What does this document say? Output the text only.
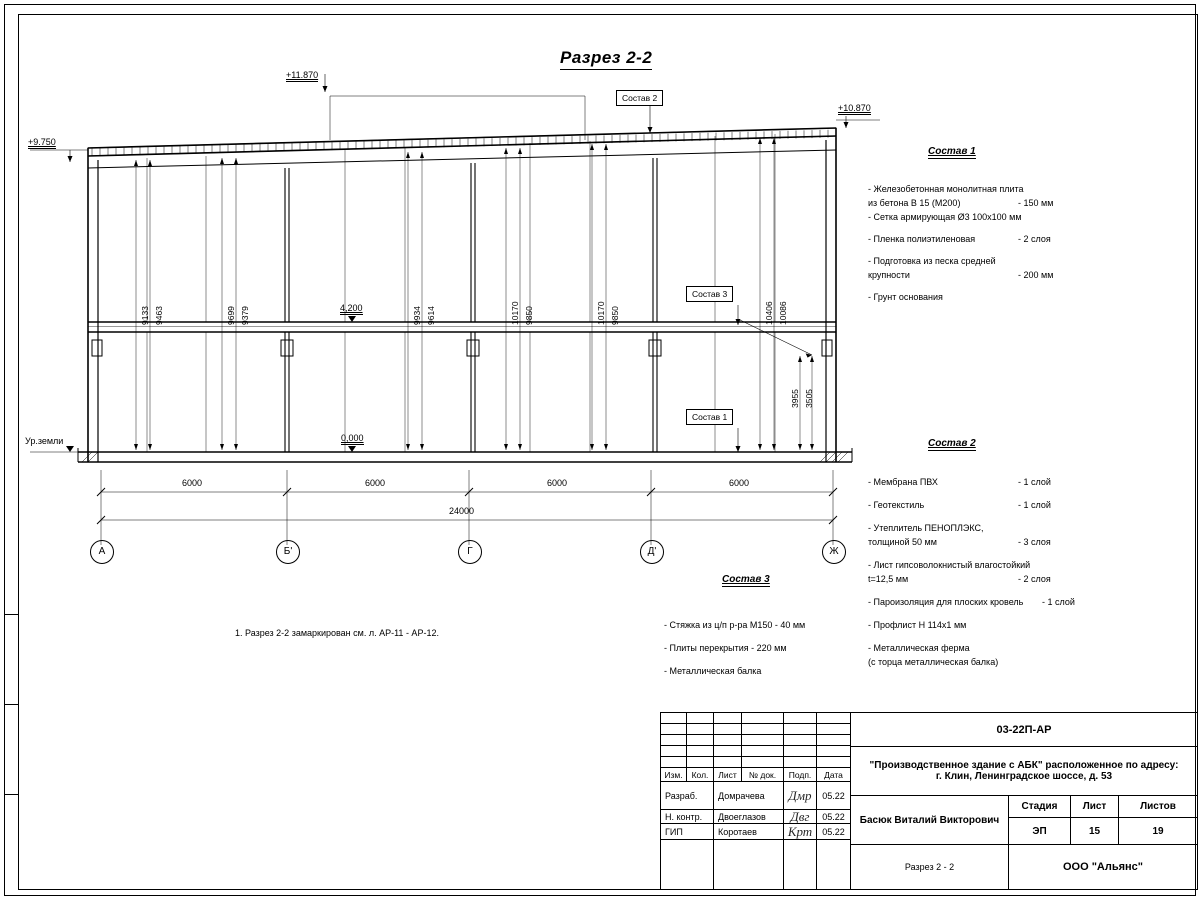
Разрез 2-2
+11.870
+10.870
+9.750
4,200
0,000
Ур.земли
Состав 2
Состав 3
Состав 1
9133 9463	9699 9379	9934 9614	10170 9850	10170 9850	10406 10086
3955 3505
6000	6000	6000	6000
24000
А	Б'	Г	Д'	Ж
1. Разрез 2-2 замаркирован см. л. АР-11 - АР-12.
Состав 1
- Железобетонная монолитная плита
из бетона В 15 (М200)	- 150 мм
- Сетка армирующая Ø3 100х100 мм
- Пленка полиэтиленовая	- 2 слоя
- Подготовка из песка средней
крупности	- 200 мм
- Грунт основания
Состав 2
- Мембрана ПВХ	- 1 слой
- Геотекстиль	- 1 слой
- Утеплитель ПЕНОПЛЭКС,
толщиной 50 мм	- 3 слоя
- Лист гипсоволокнистый влагостойкий
t=12,5 мм	- 2 слоя
- Пароизоляция для плоских кровель - 1 слой
- Профлист Н 114х1 мм
- Металлическая ферма
(с торца металлическая балка)
Состав 3
- Стяжка из ц/п р-ра М150 - 40 мм
- Плиты перекрытия - 220 мм
- Металлическая балка
Изм.	Кол.	Лист	№ док.	Подп.	Дата
Разраб.	Домрачева	Дмр	05.22
Н. контр.	Двоеглазов	Двг	05.22
ГИП	Коротаев	Крт	05.22
03-22П-АР
"Производственное здание с АБК" расположенное по адресу:
г. Клин, Ленинградское шоссе, д. 53
Басюк Виталий Викторович
Разрез 2 - 2
Стадия	Лист	Листов
ЭП	15	19
ООО "Альянс"
